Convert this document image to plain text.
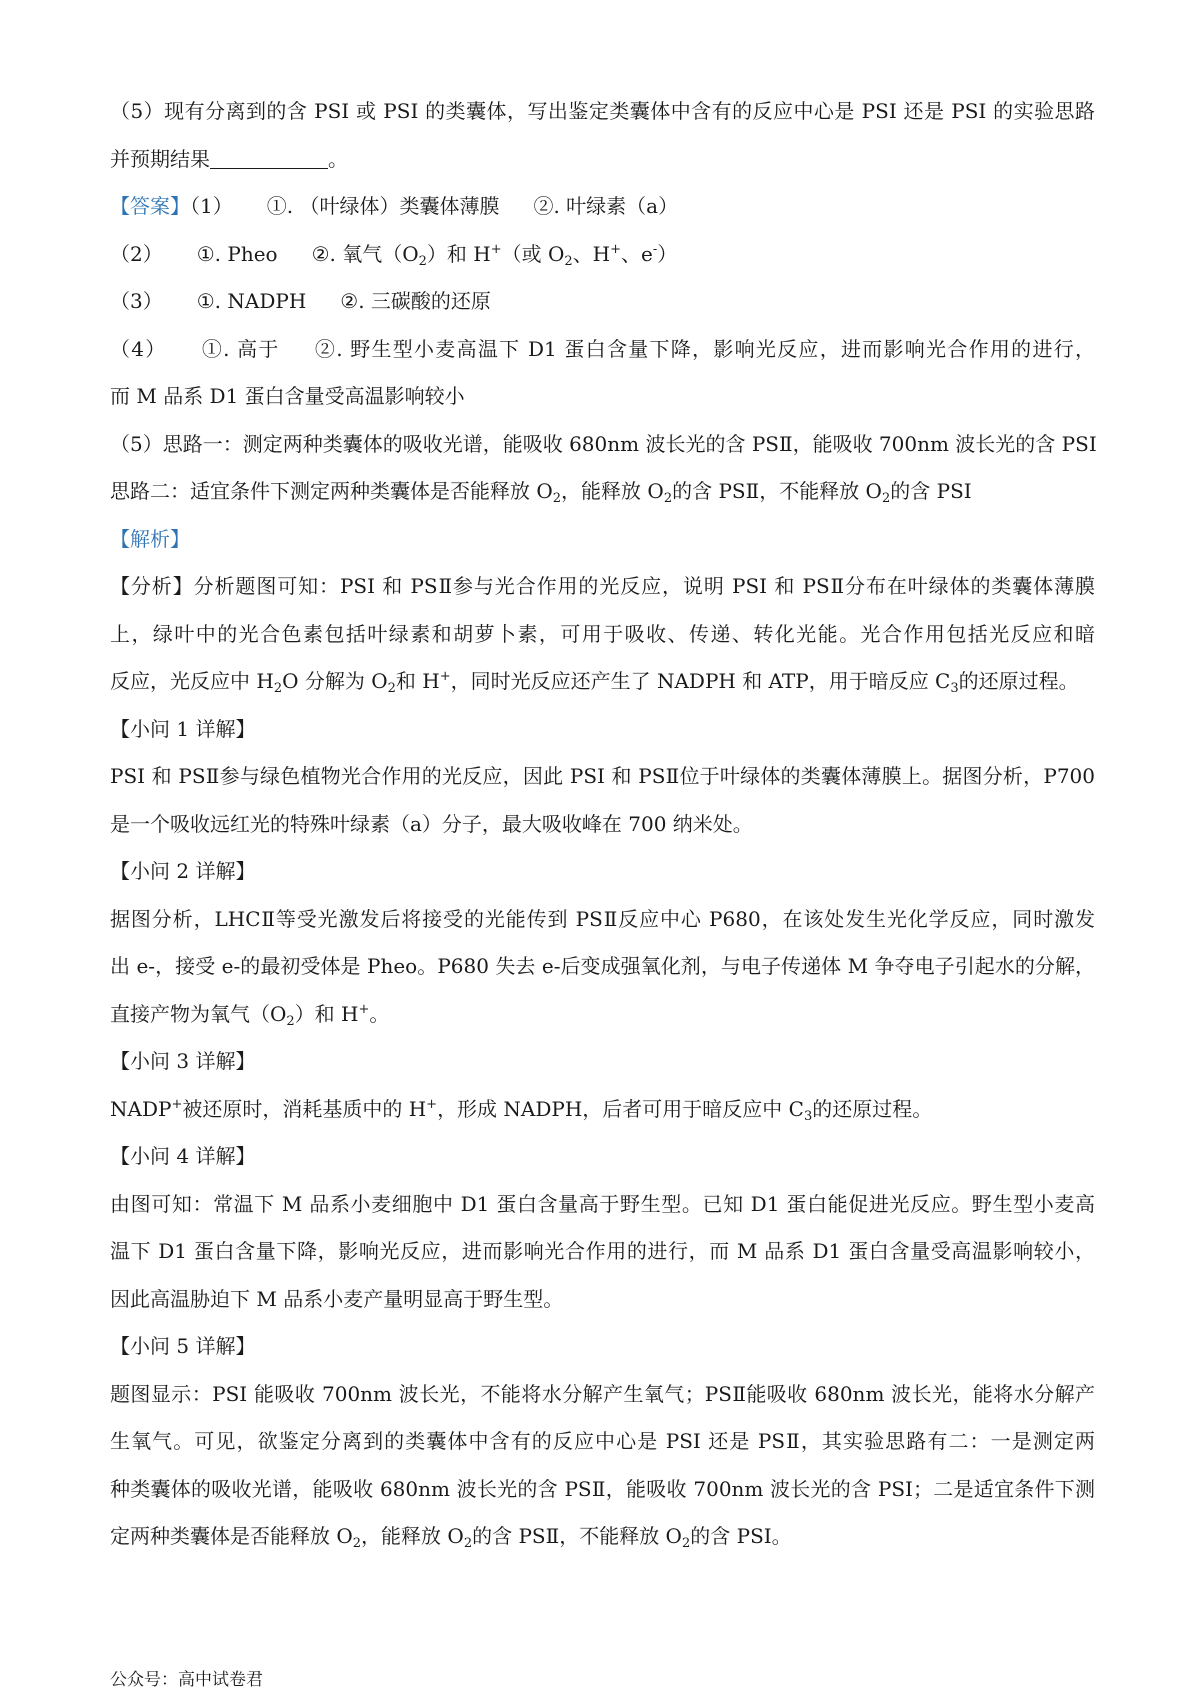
（5）现有分离到的含 PSI 或 PSI 的类囊体，写出鉴定类囊体中含有的反应中心是 PSI 还是 PSI 的实验思路
并预期结果	。
【答案】（1） ①. （叶绿体）类囊体薄膜 ②. 叶绿素（a）
（2） ①. Pheo ②. 氧气$(O_2)$和 H+（或 $O_2$、H+、e-）
（3） ①. NADPH ②. 三碳酸的还原
（4） ①. 高于 ②. 野生型小麦高温下 D1 蛋白含量下降，影响光反应，进而影响光合作用的进行，
而 M 品系 D1 蛋白含量受高温影响较小
（5）思路一：测定两种类囊体的吸收光谱，能吸收 680nm 波长光的含 PSⅡ，能吸收 700nm 波长光的含 PSI
思路二：适宜条件下测定两种类囊体是否能释放 $O_2$，能释放 $O_2$的含 PSⅡ，不能释放 $O_2$的含 PSI
【解析】
【分析】分析题图可知：PSI 和 PSⅡ参与光合作用的光反应，说明 PSI 和 PSⅡ分布在叶绿体的类囊体薄膜
上，绿叶中的光合色素包括叶绿素和胡萝卜素，可用于吸收、传递、转化光能。光合作用包括光反应和暗
反应，光反应中 $H_2O$ 分解为 $O_2$和 H+，同时光反应还产生了 NADPH 和 ATP，用于暗反应 $C_3$的还原过程。
【小问 1 详解】
PSI 和 PSⅡ参与绿色植物光合作用的光反应，因此 PSI 和 PSⅡ位于叶绿体的类囊体薄膜上。据图分析，P700
是一个吸收远红光的特殊叶绿素（a）分子，最大吸收峰在 700 纳米处。
【小问 2 详解】
据图分析，LHCⅡ等受光激发后将接受的光能传到 PSⅡ反应中心 P680，在该处发生光化学反应，同时激发
出 e-，接受 e-的最初受体是 Pheo。P680 失去 e-后变成强氧化剂，与电子传递体 M 争夺电子引起水的分解，
直接产物为氧气$(O_2)$和 H+。
【小问 3 详解】
NADP+被还原时，消耗基质中的 H+，形成 NADPH，后者可用于暗反应中 $C_3$的还原过程。
【小问 4 详解】
由图可知：常温下 M 品系小麦细胞中 D1 蛋白含量高于野生型。已知 D1 蛋白能促进光反应。野生型小麦高
温下 D1 蛋白含量下降，影响光反应，进而影响光合作用的进行，而 M 品系 D1 蛋白含量受高温影响较小，
因此高温胁迫下 M 品系小麦产量明显高于野生型。
【小问 5 详解】
题图显示：PSI 能吸收 700nm 波长光，不能将水分解产生氧气；PSⅡ能吸收 680nm 波长光，能将水分解产
生氧气。可见，欲鉴定分离到的类囊体中含有的反应中心是 PSI 还是 PSⅡ，其实验思路有二：一是测定两
种类囊体的吸收光谱，能吸收 680nm 波长光的含 PSⅡ，能吸收 700nm 波长光的含 PSI；二是适宜条件下测
定两种类囊体是否能释放 $O_2$，能释放 $O_2$的含 PSⅡ，不能释放 $O_2$的含 PSI。
公众号：高中试卷君
